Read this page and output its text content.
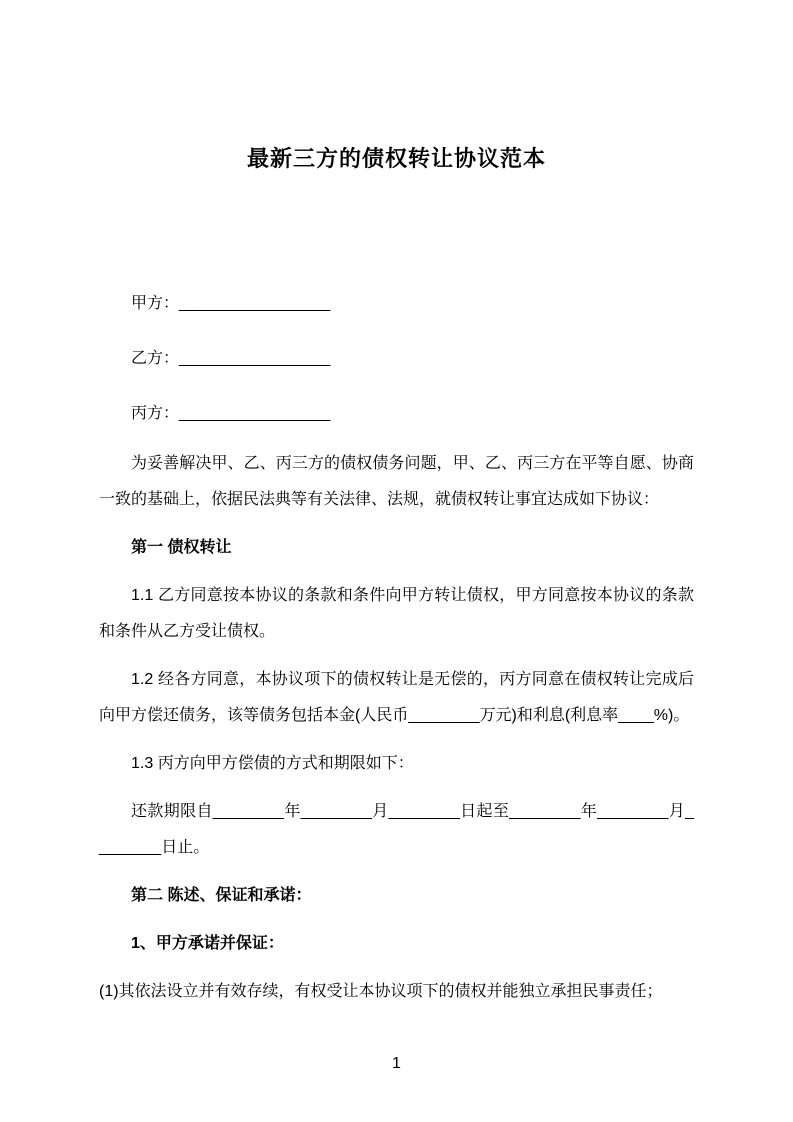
最新三方的债权转让协议范本

甲方：_________________

乙方：_________________

丙方：_________________

为妥善解决甲、乙、丙三方的债权债务问题，甲、乙、丙三方在平等自愿、协商一致的基础上，依据民法典等有关法律、法规，就债权转让事宜达成如下协议：

第一 债权转让

1.1 乙方同意按本协议的条款和条件向甲方转让债权，甲方同意按本协议的条款和条件从乙方受让债权。

1.2 经各方同意，本协议项下的债权转让是无偿的，丙方同意在债权转让完成后向甲方偿还债务，该等债务包括本金(人民币________万元)和利息(利息率____%)。

1.3 丙方向甲方偿债的方式和期限如下：

还款期限自________年________月________日起至________年________月________日止。

第二 陈述、保证和承诺：

1、甲方承诺并保证：

(1)其依法设立并有效存续，有权受让本协议项下的债权并能独立承担民事责任；

1
